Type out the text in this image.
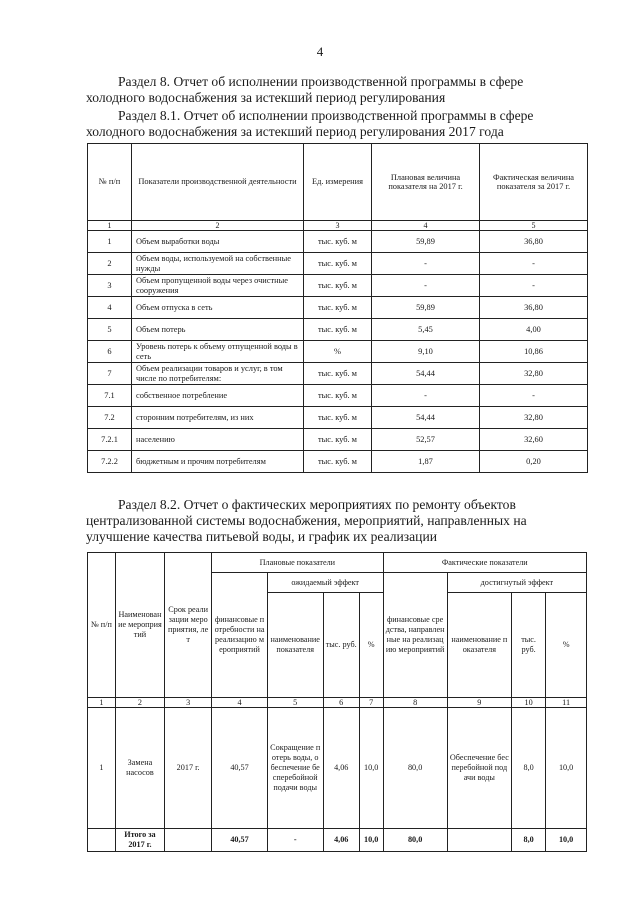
4
Раздел 8. Отчет об исполнении производственной программы в сфере
холодного водоснабжения за истекший период регулирования
Раздел 8.1. Отчет об исполнении производственной программы в сфере
холодного водоснабжения за истекший период регулирования 2017 года
№ п/п	Показатели производственной деятельности	Ед. измерения	Плановая величина показателя на 2017 г.	Фактическая величина показателя за 2017 г.
1	2	3	4	5
1	Объем выработки воды	тыс. куб. м	59,89	36,80
2	Объем воды, используемой на собственные нужды	тыс. куб. м	-	-
3	Объем пропущенной воды через очистные сооружения	тыс. куб. м	-	-
4	Объем отпуска в сеть	тыс. куб. м	59,89	36,80
5	Объем потерь	тыс. куб. м	5,45	4,00
6	Уровень потерь к объему отпущенной воды в сеть	%	9,10	10,86
7	Объем реализации товаров и услуг, в том числе по потребителям:	тыс. куб. м	54,44	32,80
7.1	собственное потребление	тыс. куб. м	-	-
7.2	сторонним потребителям, из них	тыс. куб. м	54,44	32,80
7.2.1	населению	тыс. куб. м	52,57	32,60
7.2.2	бюджетным и прочим потребителям	тыс. куб. м	1,87	0,20
Раздел 8.2. Отчет о фактических мероприятиях по ремонту объектов
централизованной системы водоснабжения, мероприятий, направленных на
улучшение качества питьевой воды, и график их реализации
№ п/п	Наименование мероприятий	Срок реализации мероприятия, лет	Плановые показатели				Фактические показатели			
			финансовые потребности на реализацию мероприятий	ожидаемый эффект			финансовые средства, направленные на реализацию мероприятий	достигнутый эффект		
				наименование показателя	тыс. руб.	%		наименование показателя	тыс. руб.	%
1	2	3	4	5	6	7	8	9	10	11
1	Замена насосов	2017 г.	40,57	Сокращение потерь воды, обеспечение бесперебойной подачи воды	4,06	10,0	80,0	Обеспечение бесперебойной подачи воды	8,0	10,0
	Итого за 2017 г.		40,57	-	4,06	10,0	80,0		8,0	10,0
